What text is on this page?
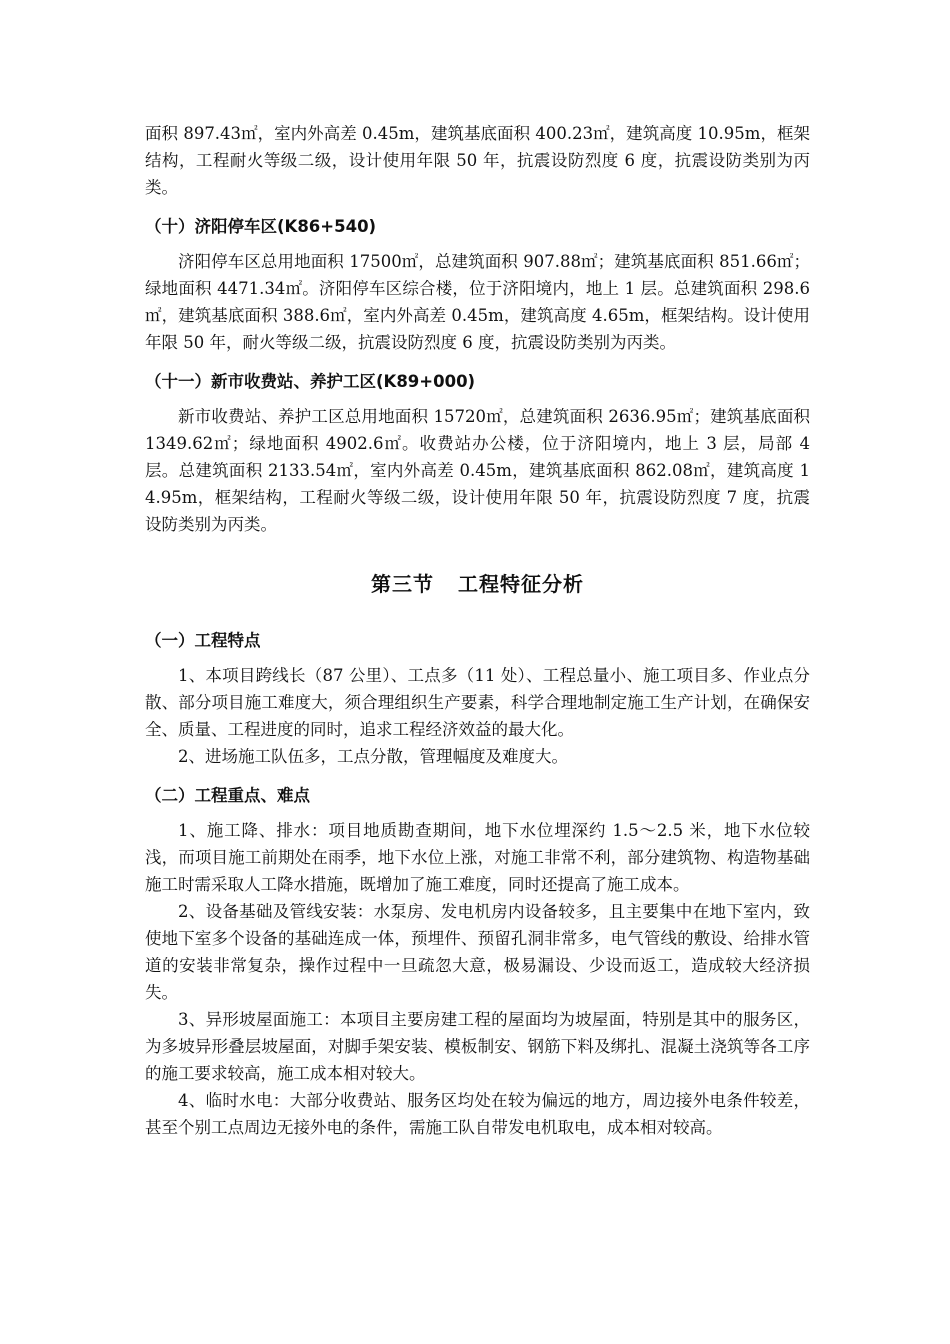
面积 897.43㎡，室内外高差 0.45m，建筑基底面积 400.23㎡，建筑高度 10.95m，框架结构，工程耐火等级二级，设计使用年限 50 年，抗震设防烈度 6 度，抗震设防类别为丙类。

（十）济阳停车区(K86+540)

济阳停车区总用地面积 17500㎡，总建筑面积 907.88㎡；建筑基底面积 851.66㎡；绿地面积 4471.34㎡。济阳停车区综合楼，位于济阳境内，地上 1 层。总建筑面积 298.6㎡，建筑基底面积 388.6㎡，室内外高差 0.45m，建筑高度 4.65m，框架结构。设计使用年限 50 年，耐火等级二级，抗震设防烈度 6 度，抗震设防类别为丙类。

（十一）新市收费站、养护工区(K89+000)

新市收费站、养护工区总用地面积 15720㎡，总建筑面积 2636.95㎡；建筑基底面积 1349.62㎡；绿地面积 4902.6㎡。收费站办公楼，位于济阳境内，地上 3 层，局部 4 层。总建筑面积 2133.54㎡，室内外高差 0.45m，建筑基底面积 862.08㎡，建筑高度 14.95m，框架结构，工程耐火等级二级，设计使用年限 50 年，抗震设防烈度 7 度，抗震设防类别为丙类。

第三节 工程特征分析
（一）工程特点

1、本项目跨线长（87 公里）、工点多（11 处）、工程总量小、施工项目多、作业点分散、部分项目施工难度大，须合理组织生产要素，科学合理地制定施工生产计划，在确保安全、质量、工程进度的同时，追求工程经济效益的最大化。

2、进场施工队伍多，工点分散，管理幅度及难度大。

（二）工程重点、难点

1、施工降、排水：项目地质勘查期间，地下水位埋深约 1.5～2.5 米，地下水位较浅，而项目施工前期处在雨季，地下水位上涨，对施工非常不利，部分建筑物、构造物基础施工时需采取人工降水措施，既增加了施工难度，同时还提高了施工成本。

2、设备基础及管线安装：水泵房、发电机房内设备较多，且主要集中在地下室内，致使地下室多个设备的基础连成一体，预埋件、预留孔洞非常多，电气管线的敷设、给排水管道的安装非常复杂，操作过程中一旦疏忽大意，极易漏设、少设而返工，造成较大经济损失。

3、异形坡屋面施工：本项目主要房建工程的屋面均为坡屋面，特别是其中的服务区，为多坡异形叠层坡屋面，对脚手架安装、模板制安、钢筋下料及绑扎、混凝土浇筑等各工序的施工要求较高，施工成本相对较大。

4、临时水电：大部分收费站、服务区均处在较为偏远的地方，周边接外电条件较差，甚至个别工点周边无接外电的条件，需施工队自带发电机取电，成本相对较高。
